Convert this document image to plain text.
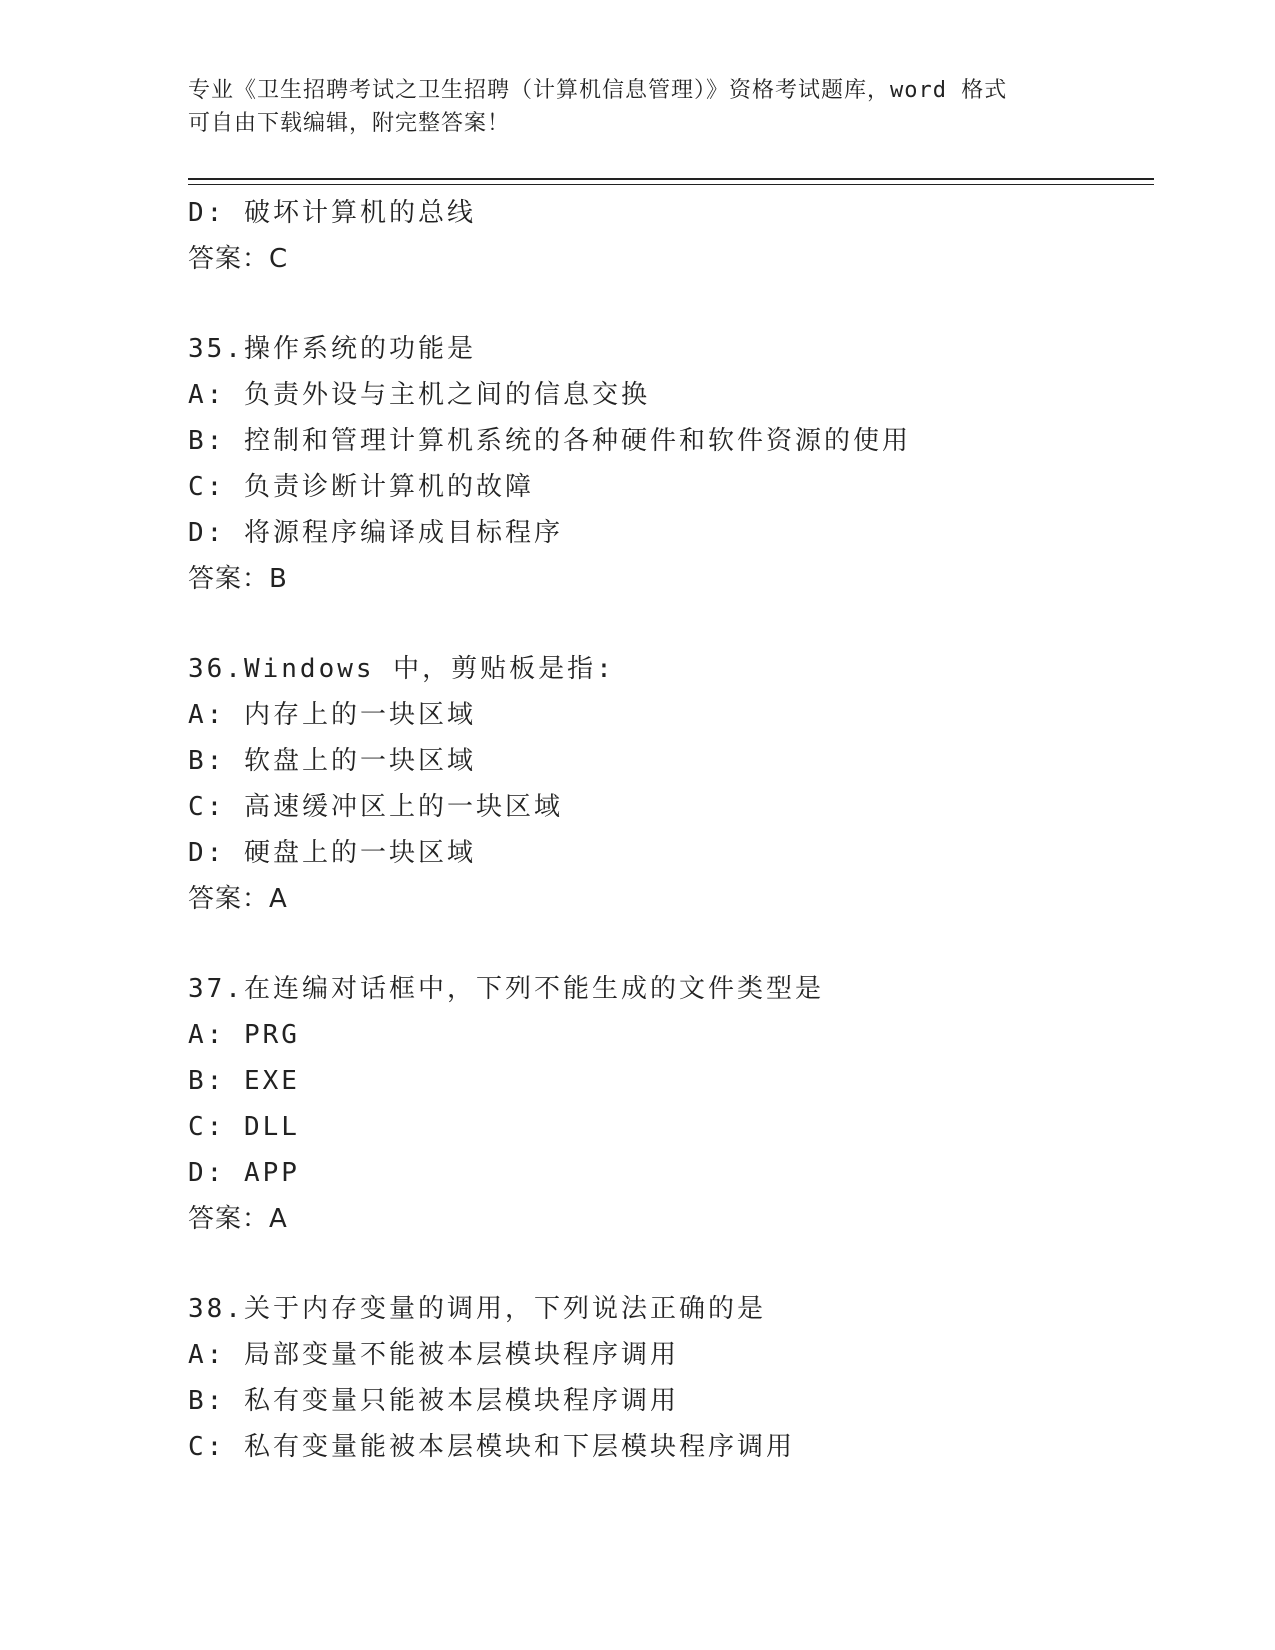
专业《卫生招聘考试之卫生招聘（计算机信息管理）》资格考试题库，word 格式
可自由下载编辑，附完整答案！
D: 破坏计算机的总线
答案：C
35.操作系统的功能是
A: 负责外设与主机之间的信息交换
B: 控制和管理计算机系统的各种硬件和软件资源的使用
C: 负责诊断计算机的故障
D: 将源程序编译成目标程序
答案：B
36.Windows 中，剪贴板是指:
A: 内存上的一块区域
B: 软盘上的一块区域
C: 高速缓冲区上的一块区域
D: 硬盘上的一块区域
答案：A
37.在连编对话框中，下列不能生成的文件类型是
A: PRG
B: EXE
C: DLL
D: APP
答案：A
38.关于内存变量的调用，下列说法正确的是
A: 局部变量不能被本层模块程序调用
B: 私有变量只能被本层模块程序调用
C: 私有变量能被本层模块和下层模块程序调用
